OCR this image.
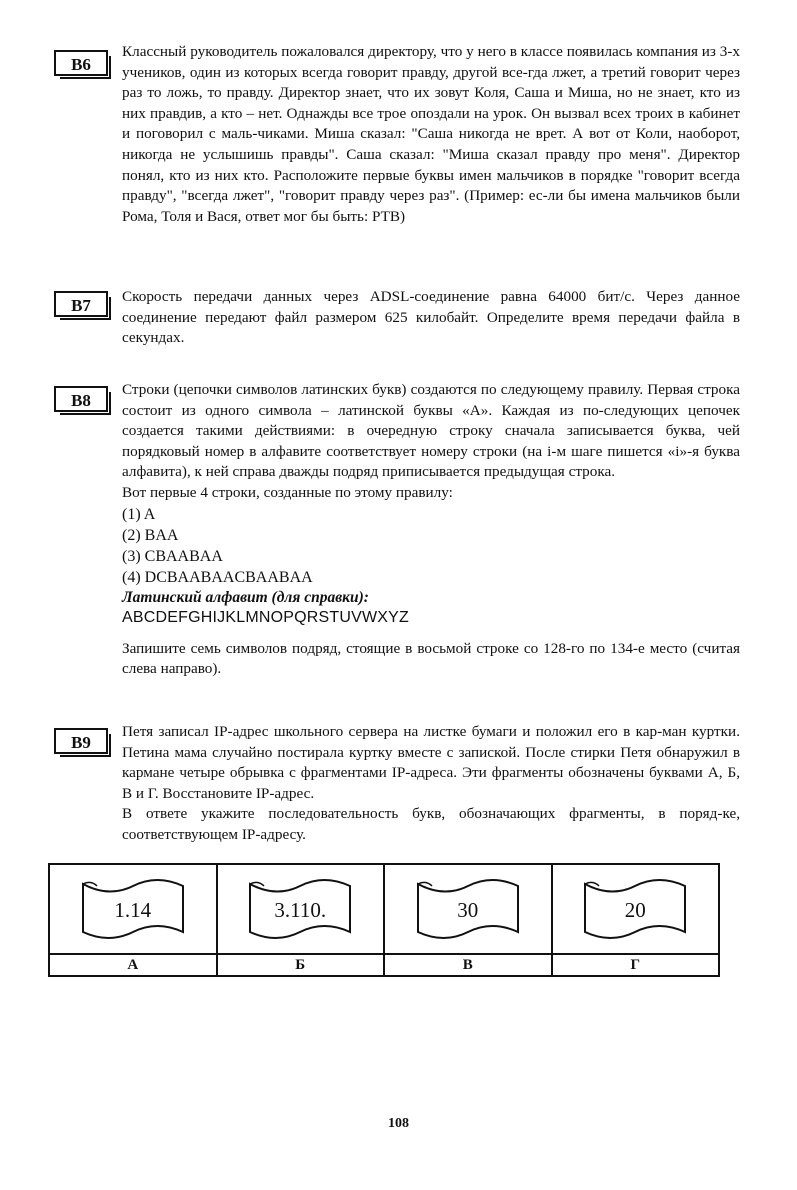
В6

Классный руководитель пожаловался директору, что у него в классе появилась компания из 3-х учеников, один из которых всегда говорит правду, другой все-гда лжет, а третий говорит через раз то ложь, то правду. Директор знает, что их зовут Коля, Саша и Миша, но не знает, кто из них правдив, а кто – нет. Однажды все трое опоздали на урок. Он вызвал всех троих в кабинет и поговорил с маль-чиками. Миша сказал: "Саша никогда не врет. А вот от Коли, наоборот, никогда не услышишь правды". Саша сказал: "Миша сказал правду про меня". Директор понял, кто из них кто. Расположите первые буквы имен мальчиков в порядке "говорит всегда правду", "всегда лжет", "говорит правду через раз". (Пример: ес-ли бы имена мальчиков были Рома, Толя и Вася, ответ мог бы быть: РТВ)

В7	Скорость передачи данных через ADSL-соединение равна 64000 бит/c. Через данное соединение передают файл размером 625 килобайт. Определите время передачи файла в секундах.

В8

Строки (цепочки символов латинских букв) создаются по следующему правилу. Первая строка состоит из одного символа – латинской буквы «А». Каждая из по-следующих цепочек создается такими действиями: в очередную строку сначала записывается буква, чей порядковый номер в алфавите соответствует номеру строки (на i-м шаге пишется «i»-я буква алфавита), к ней справа дважды подряд приписывается предыдущая строка.

Вот первые 4 строки, созданные по этому правилу:

(1) A
(2) BAA
(3) CBAABAA
(4) DCBAABAACBAABAA

Латинский алфавит (для справки):

ABCDEFGHIJKLMNOPQRSTUVWXYZ

Запишите семь символов подряд, стоящие в восьмой строке со 128-го по 134-е место (считая слева направо).

В9

Петя записал IP-адрес школьного сервера на листке бумаги и положил его в кар-ман куртки. Петина мама случайно постирала куртку вместе с запиской. После стирки Петя обнаружил в кармане четыре обрывка с фрагментами IP-адреса. Эти фрагменты обозначены буквами А, Б, В и Г. Восстановите IP-адрес.

В ответе укажите последовательность букв, обозначающих фрагменты, в поряд-ке, соответствующем IP-адресу.

1.14	3.110.	30	20

А	Б	В	Г
108
